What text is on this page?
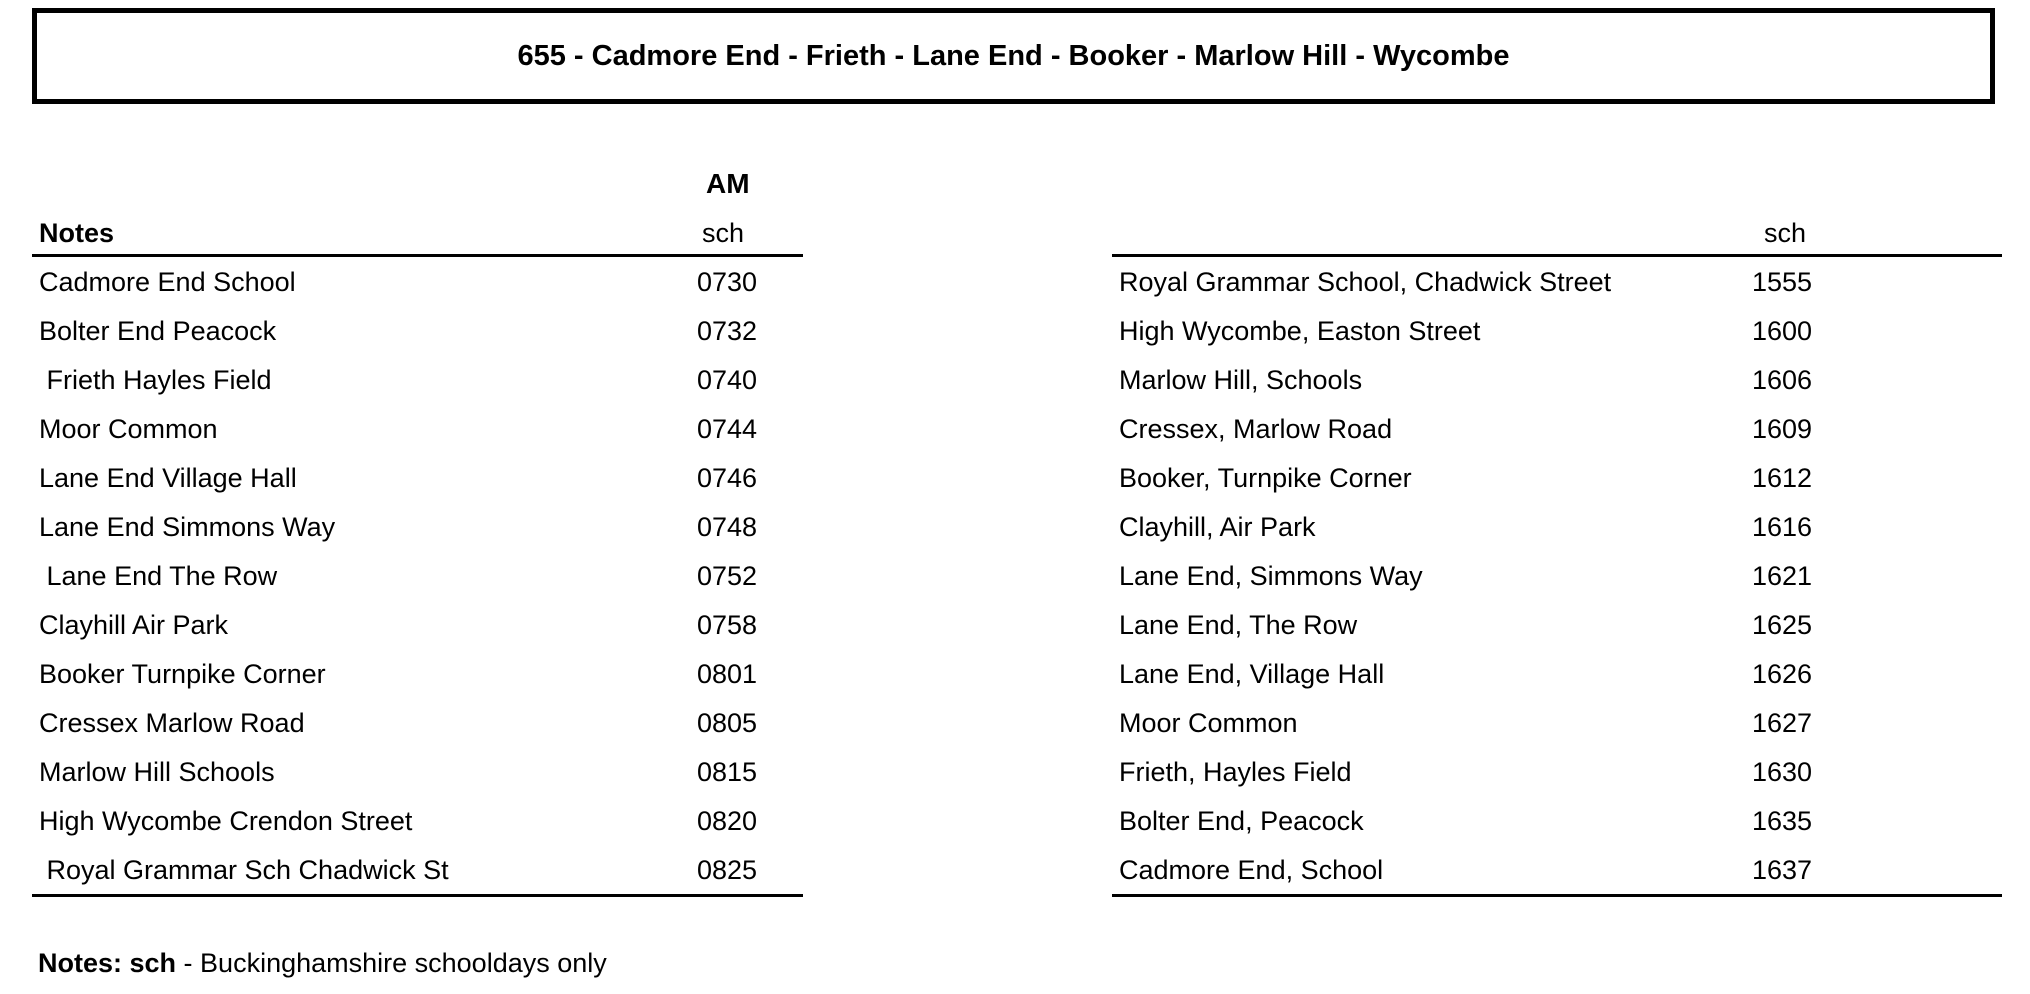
655 - Cadmore End - Frieth - Lane End - Booker - Marlow Hill - Wycombe
AM
Notes	sch
Cadmore End School	0730
Bolter End Peacock	0732
Frieth Hayles Field	0740
Moor Common	0744
Lane End Village Hall	0746
Lane End Simmons Way	0748
Lane End The Row	0752
Clayhill Air Park	0758
Booker Turnpike Corner	0801
Cressex Marlow Road	0805
Marlow Hill Schools	0815
High Wycombe Crendon Street	0820
Royal Grammar Sch Chadwick St	0825
sch
Royal Grammar School, Chadwick Street	1555
High Wycombe, Easton Street	1600
Marlow Hill, Schools	1606
Cressex, Marlow Road	1609
Booker, Turnpike Corner	1612
Clayhill, Air Park	1616
Lane End, Simmons Way	1621
Lane End, The Row	1625
Lane End, Village Hall	1626
Moor Common	1627
Frieth, Hayles Field	1630
Bolter End, Peacock	1635
Cadmore End, School	1637
Notes: sch - Buckinghamshire schooldays only
